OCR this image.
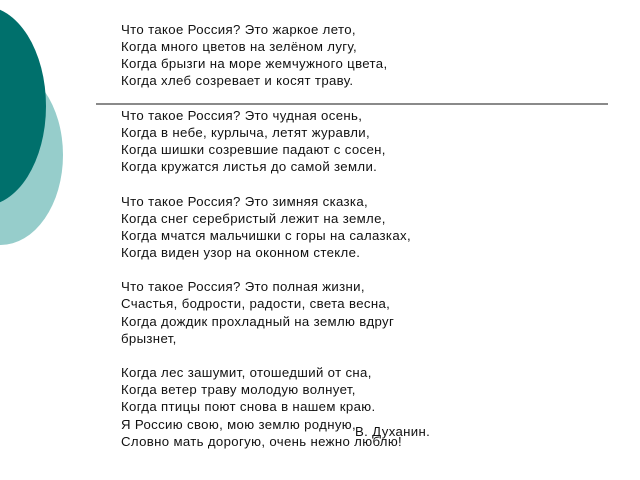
Что такое Россия? Это жаркое лето,
Когда много цветов на зелёном лугу,
Когда брызги на море жемчужного цвета,
Когда хлеб созревает и косят траву.
Что такое Россия? Это чудная осень,
Когда в небе, курлыча, летят журавли,
Когда шишки созревшие падают с сосен,
Когда кружатся листья до самой земли.
Что такое Россия? Это зимняя сказка,
Когда снег серебристый лежит на земле,
Когда мчатся мальчишки с горы на салазках,
Когда виден узор на оконном стекле.
Что такое Россия? Это полная жизни,
Счастья, бодрости, радости, света весна,
Когда дождик прохладный на землю вдруг
брызнет,
Когда лес зашумит, отошедший от сна,
Когда ветер траву молодую волнует,
Когда птицы поют снова в нашем краю.
Я Россию свою, мою землю родную,
Словно мать дорогую, очень нежно люблю!
В. Духанин.
